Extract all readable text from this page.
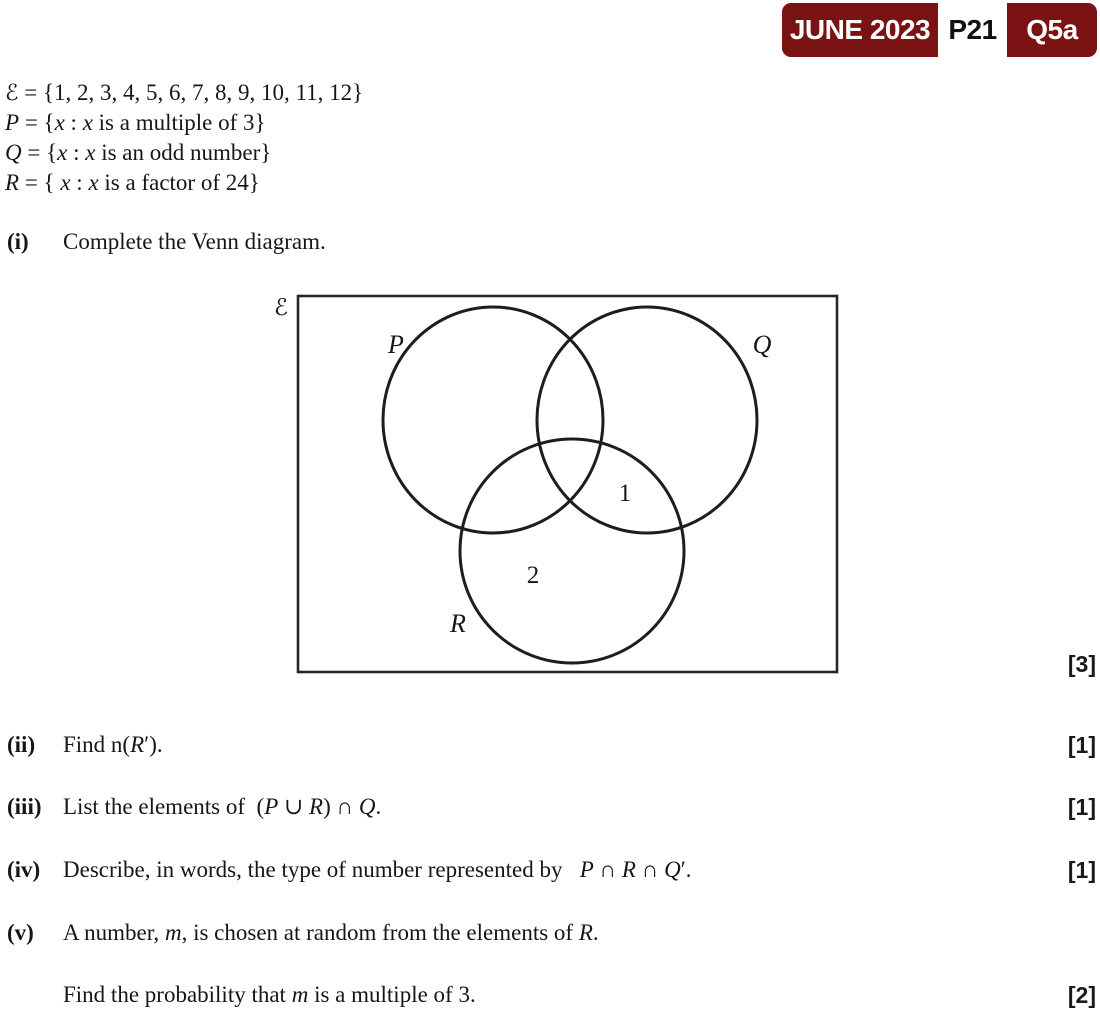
JUNE 2023 P21	Q5a
ℰ = {1, 2, 3, 4, 5, 6, 7, 8, 9, 10, 11, 12}
P = { x : x is a multiple of 3}
Q = { x : x is an odd number}
R = { x : x is a factor of 24}
(i)	Complete the Venn diagram.
ℰ
P	Q
R
1
2
(ii)	Find n(R′).
(iii) List the elements of  (P ∪ R) ∩ Q.
(iv) Describe, in words, the type of number represented by   P ∩ R ∩ Q′.
(v)	A number, m, is chosen at random from the elements of R.
Find the probability that m is a multiple of 3.
[3]
[1]
[1]
[1]
[2]
